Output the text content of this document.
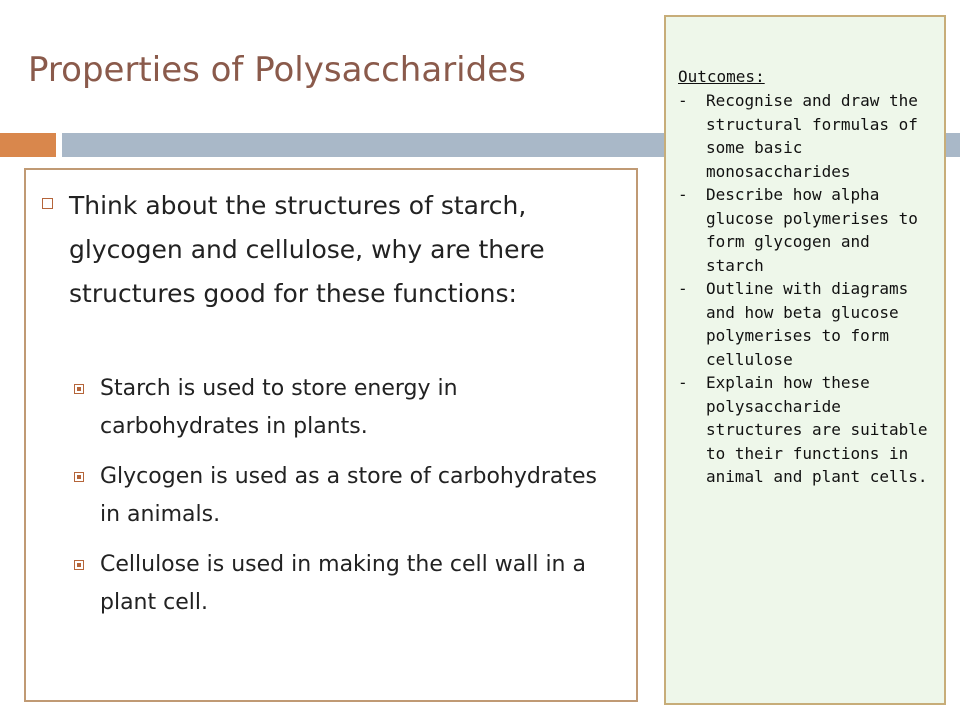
Properties of Polysaccharides
Think about the structures of starch, glycogen and cellulose, why are there structures good for these functions:
Starch is used to store energy in carbohydrates in plants.
Glycogen is used as a store of carbohydrates in animals.
Cellulose is used in making the cell wall in a plant cell.
Outcomes:
-	Recognise and draw the structural formulas of some basic monosaccharides
-	Describe how alpha glucose polymerises to form glycogen and starch
-	Outline with diagrams and how beta glucose polymerises to form cellulose
-	Explain how these polysaccharide structures are suitable to their functions in animal and plant cells.
